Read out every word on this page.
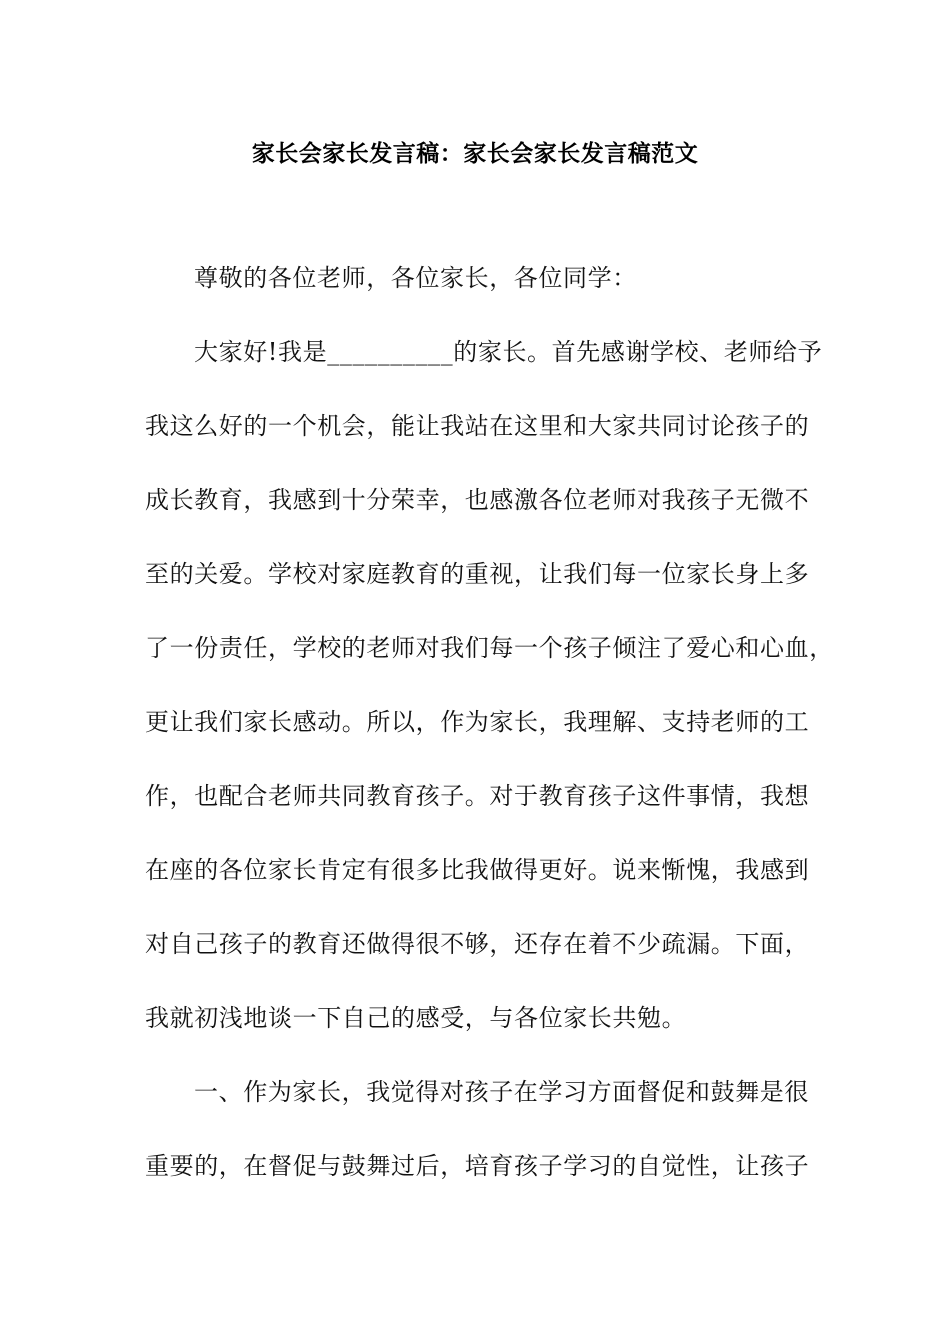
家长会家长发言稿：家长会家长发言稿范文
尊敬的各位老师，各位家长，各位同学：
大家好!我是__________的家长。首先感谢学校、老师给予
我这么好的一个机会，能让我站在这里和大家共同讨论孩子的
成长教育，我感到十分荣幸，也感激各位老师对我孩子无微不
至的关爱。学校对家庭教育的重视，让我们每一位家长身上多
了一份责任，学校的老师对我们每一个孩子倾注了爱心和心血，
更让我们家长感动。所以，作为家长，我理解、支持老师的工
作，也配合老师共同教育孩子。对于教育孩子这件事情，我想
在座的各位家长肯定有很多比我做得更好。说来惭愧，我感到
对自己孩子的教育还做得很不够，还存在着不少疏漏。下面，
我就初浅地谈一下自己的感受，与各位家长共勉。
一、作为家长，我觉得对孩子在学习方面督促和鼓舞是很
重要的，在督促与鼓舞过后，培育孩子学习的自觉性，让孩子
